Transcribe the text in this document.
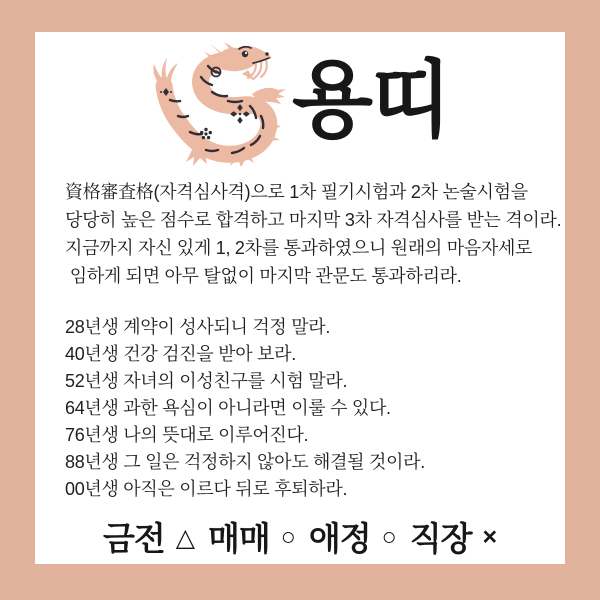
용띠
資格審査格(자격심사격)으로 1차 필기시험과 2차 논술시험을
당당히 높은 점수로 합격하고 마지막 3차 자격심사를 받는 격이라.
지금까지 자신 있게 1, 2차를 통과하였으니 원래의 마음자세로
임하게 되면 아무 탈없이 마지막 관문도 통과하리라.
28년생 계약이 성사되니 걱정 말라.
40년생 건강 검진을 받아 보라.
52년생 자녀의 이성친구를 시험 말라.
64년생 과한 욕심이 아니라면 이룰 수 있다.
76년생 나의 뜻대로 이루어진다.
88년생 그 일은 걱정하지 않아도 해결될 것이라.
00년생 아직은 이르다 뒤로 후퇴하라.
금전 △ 매매 ○ 애정 ○ 직장 ×
